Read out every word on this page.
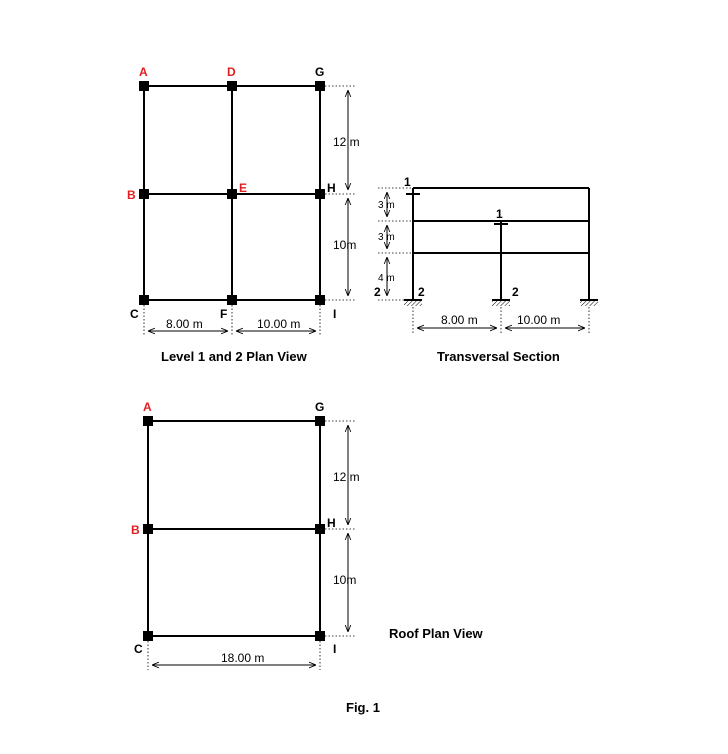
A	D	G
B	E	H
C	F	I
12 m
10m
8.00 m	10.00 m
Level 1 and 2 Plan View
1
1
2	2	2
3 m
3 m
4 m
8.00 m	10.00 m
Transversal Section
A	G
B	H
C	I
12 m
10m
18.00 m
Roof Plan View
Fig. 1
